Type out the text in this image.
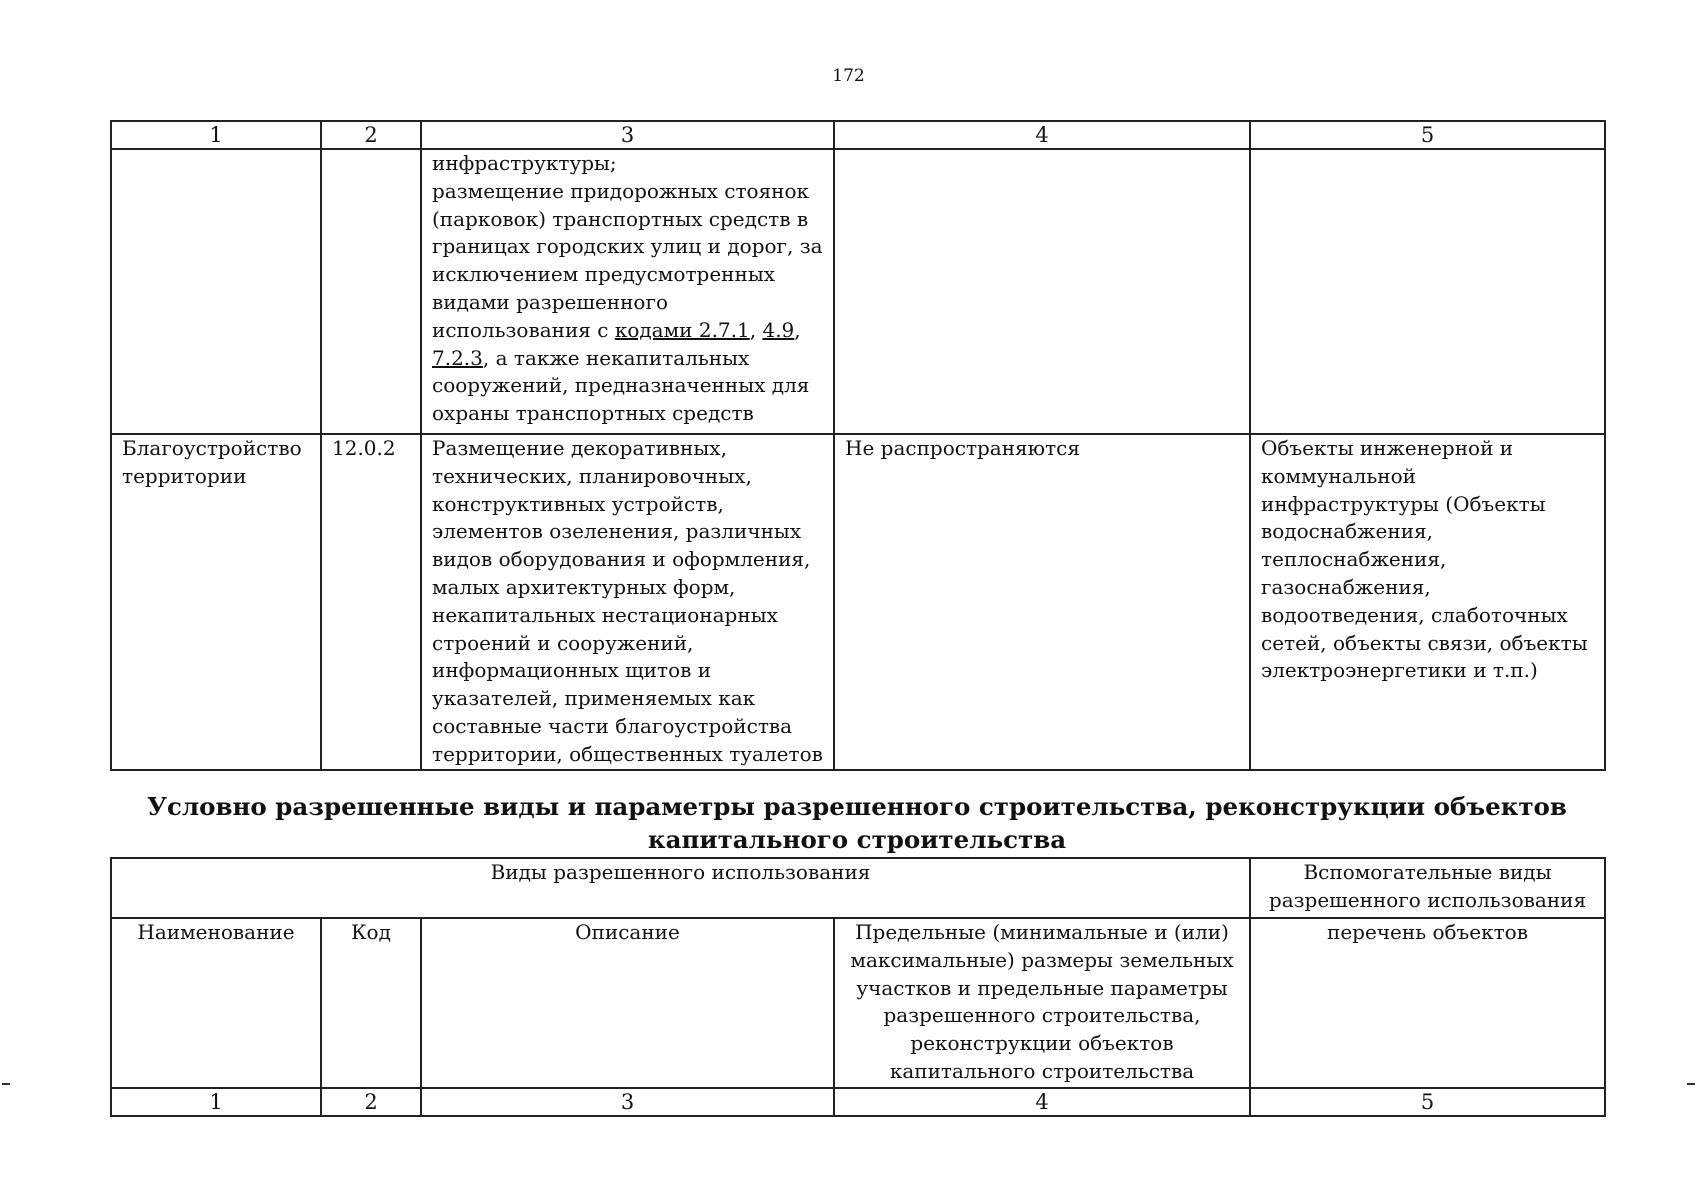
172
1	2	3	4	5
		инфраструктуры;
размещение придорожных стоянок (парковок) транспортных средств в границах городских улиц и дорог, за исключением предусмотренных видами разрешенного использования с кодами 2.7.1, 4.9, 7.2.3, а также некапитальных сооружений, предназначенных для охраны транспортных средств		
Благоустройство территории	12.0.2	Размещение декоративных, технических, планировочных, конструктивных устройств, элементов озеленения, различных видов оборудования и оформления, малых архитектурных форм, некапитальных нестационарных строений и сооружений, информационных щитов и указателей, применяемых как составные части благоустройства территории, общественных туалетов	Не распространяются	Объекты инженерной и коммунальной инфраструктуры (Объекты водоснабжения, теплоснабжения, газоснабжения, водоотведения, слаботочных сетей, объекты связи, объекты электроэнергетики и т.п.)
Условно разрешенные виды и параметры разрешенного строительства, реконструкции объектов капитального строительства
Виды разрешенного использования				Вспомогательные виды разрешенного использования
Наименование	Код	Описание	Предельные (минимальные и (или) максимальные) размеры земельных участков и предельные параметры разрешенного строительства, реконструкции объектов капитального строительства	перечень объектов
1	2	3	4	5
